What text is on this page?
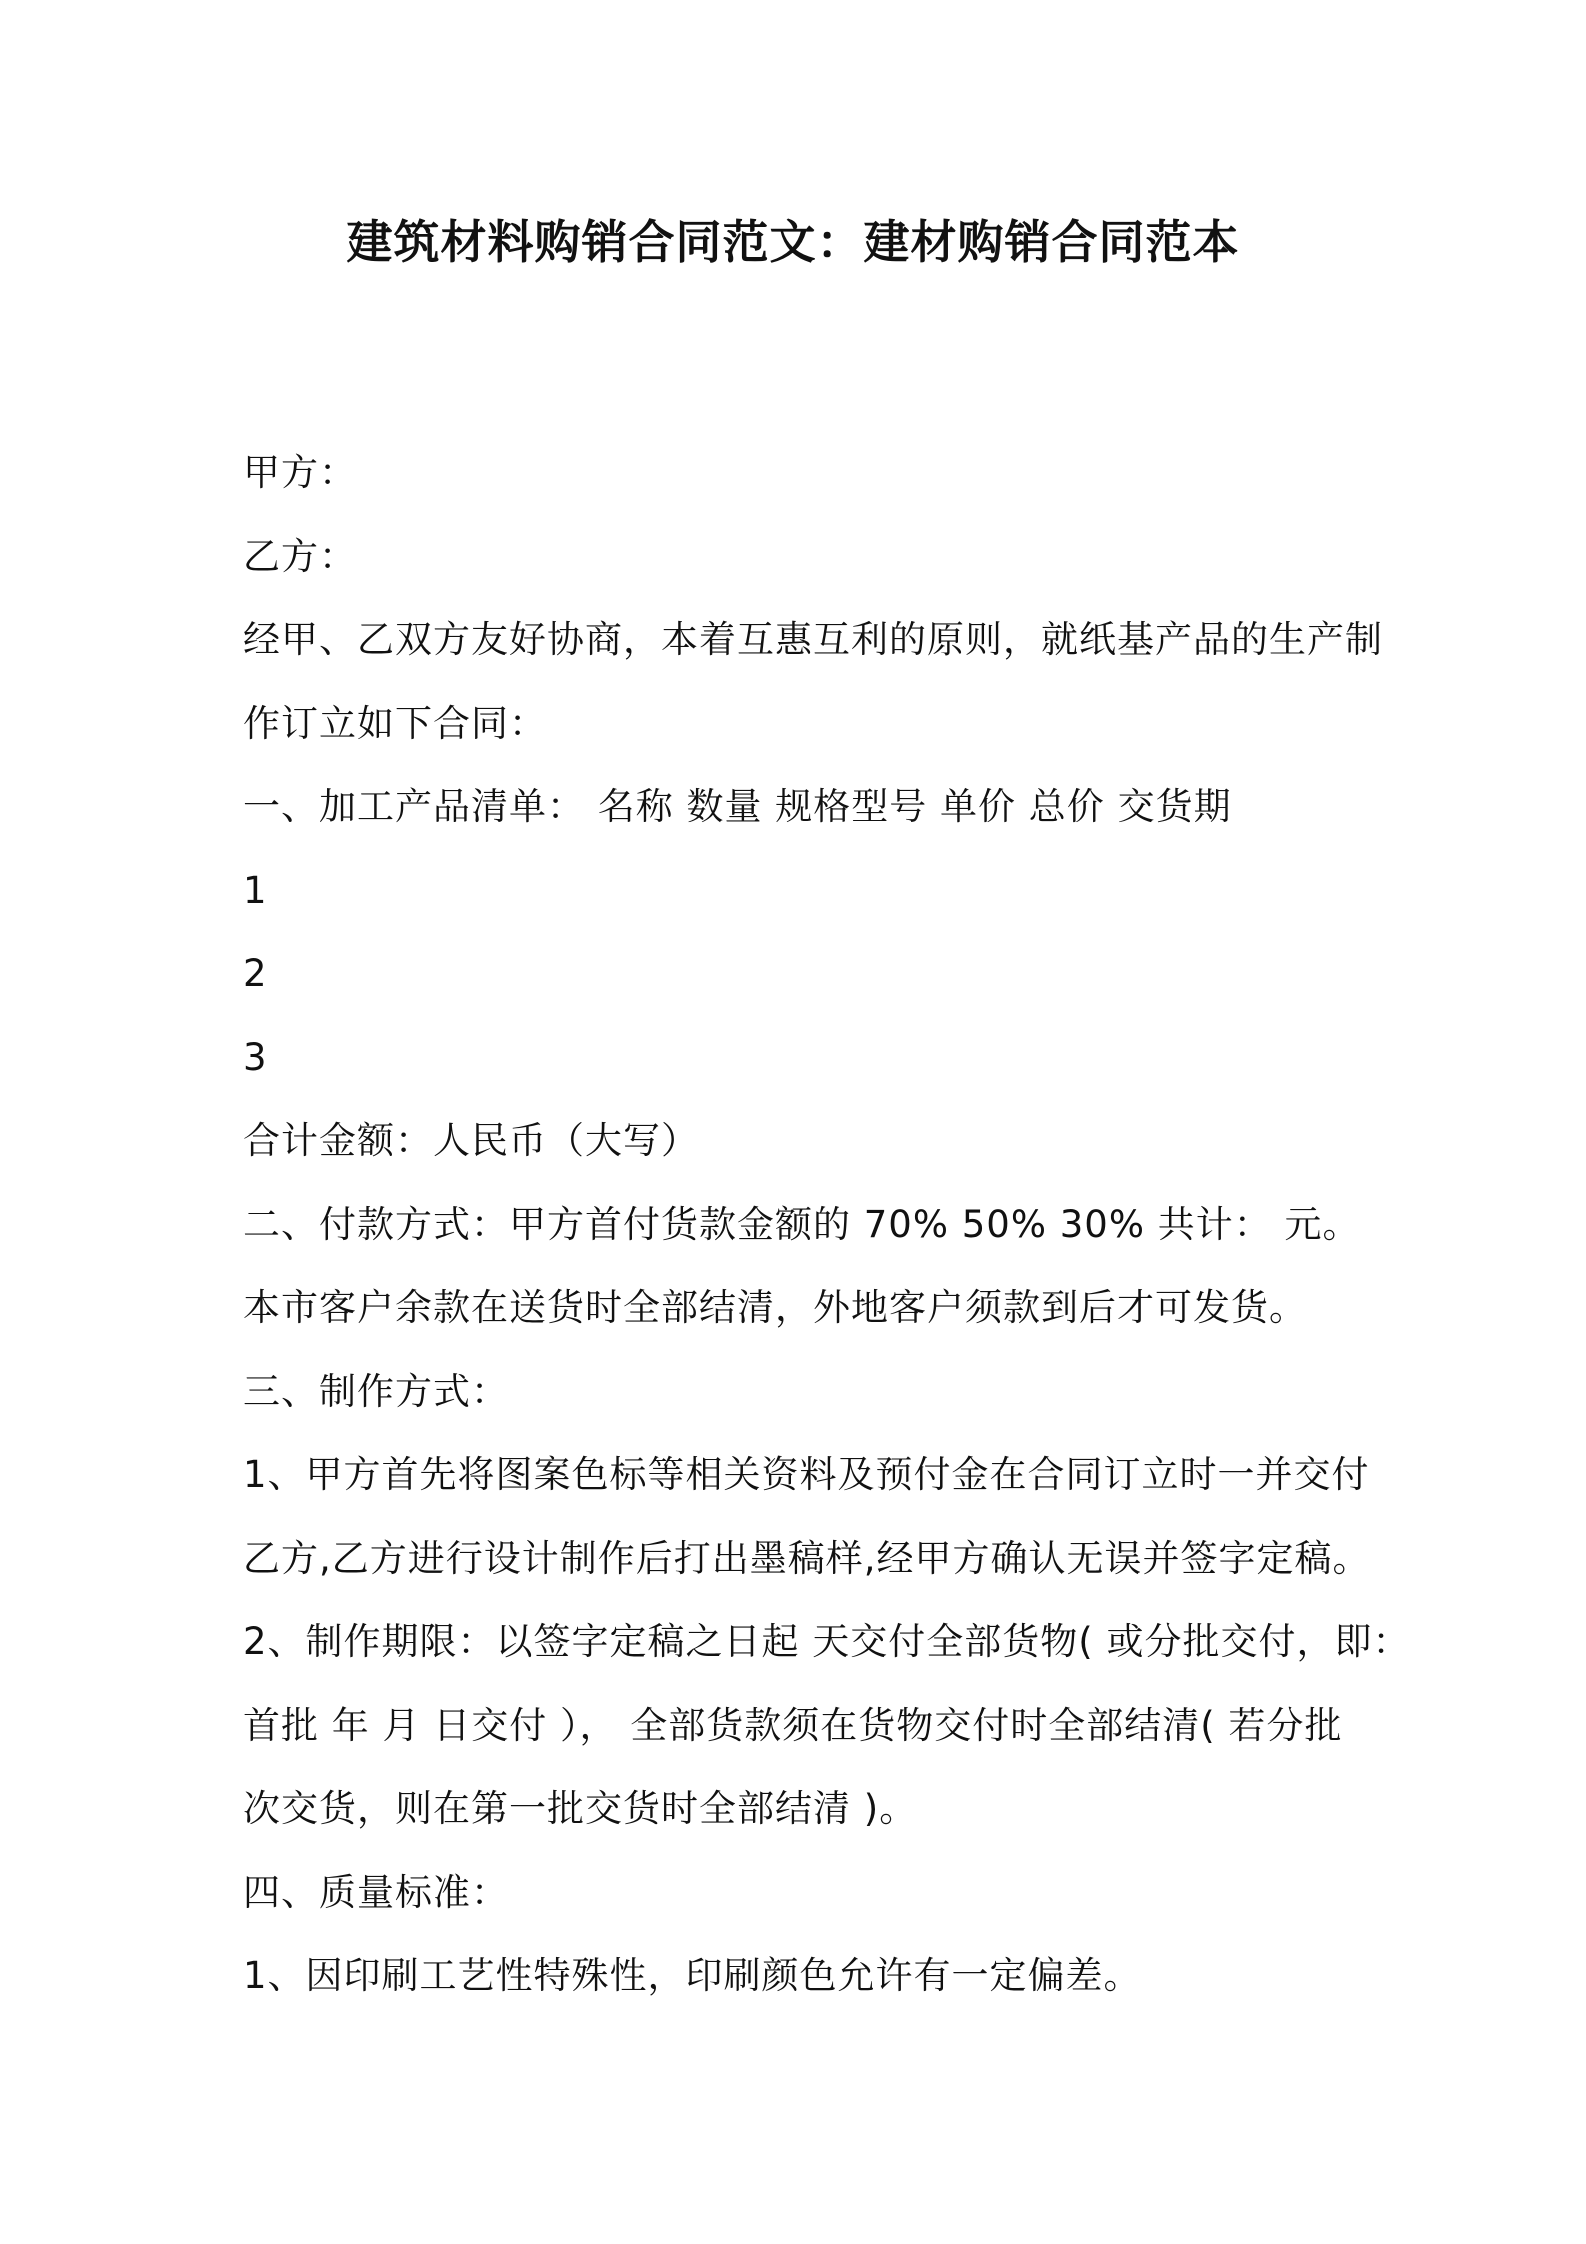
建筑材料购销合同范文：建材购销合同范本
甲方：
乙方：
经甲、乙双方友好协商，本着互惠互利的原则，就纸基产品的生产制
作订立如下合同：
一、加工产品清单： 名称 数量 规格型号 单价 总价 交货期
1
2
3
合计金额：人民币（大写）
二、付款方式：甲方首付货款金额的 70% 50% 30% 共计： 元。
本市客户余款在送货时全部结清，外地客户须款到后才可发货。
三、制作方式：
1、甲方首先将图案色标等相关资料及预付金在合同订立时一并交付
乙方,乙方进行设计制作后打出墨稿样,经甲方确认无误并签字定稿。
2、制作期限：以签字定稿之日起 天交付全部货物( 或分批交付，即：
首批 年 月 日交付 ）， 全部货款须在货物交付时全部结清( 若分批
次交货，则在第一批交货时全部结清 )。
四、质量标准：
1、因印刷工艺性特殊性，印刷颜色允许有一定偏差。
